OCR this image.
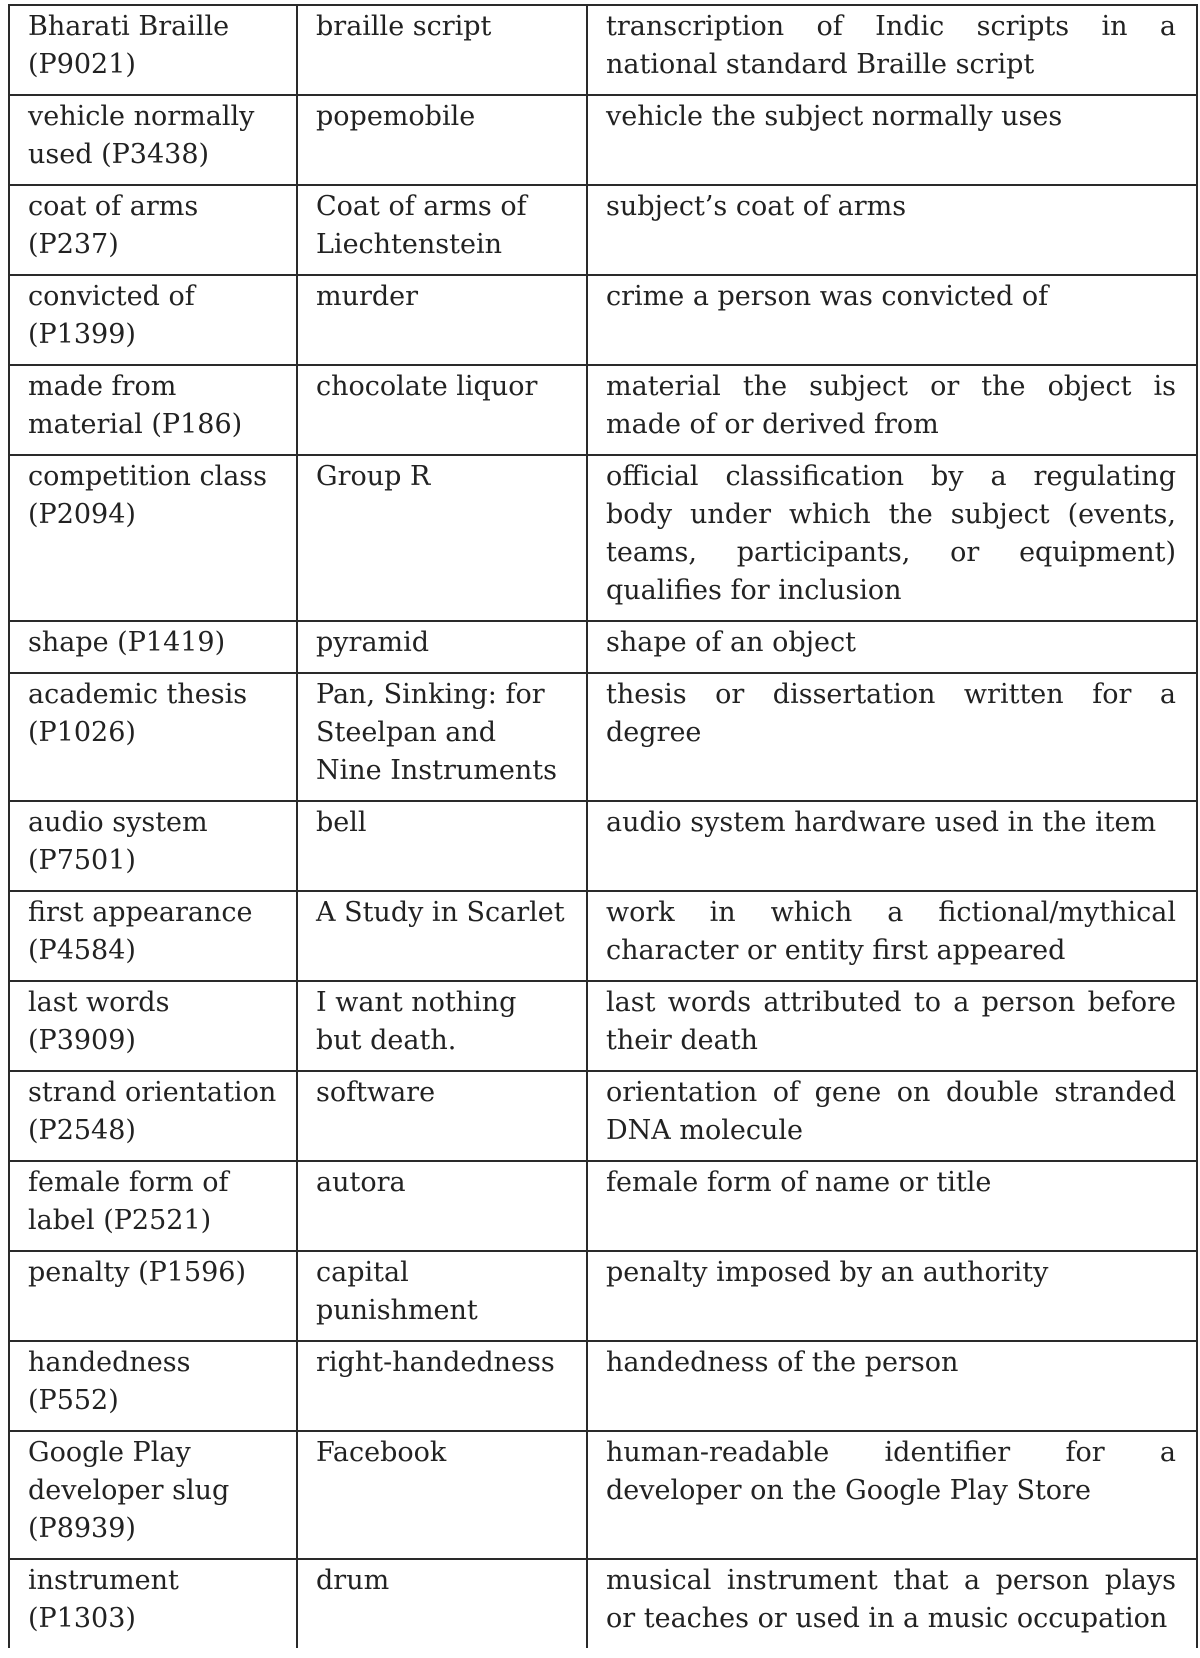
Bharati Braille (P9021)	braille script	transcription of Indic scripts in a national standard Braille script
vehicle normally used (P3438)	popemobile	vehicle the subject normally uses
coat of arms (P237)	Coat of arms of Liechtenstein	subject’s coat of arms
convicted of (P1399)	murder	crime a person was convicted of
made from material (P186)	chocolate liquor	material the subject or the object is made of or derived from
competition class (P2094)	Group R	official classification by a regulating body under which the subject (events, teams, participants, or equipment) qualifies for inclusion
shape (P1419)	pyramid	shape of an object
academic thesis (P1026)	Pan, Sinking: for Steelpan and Nine Instruments	thesis or dissertation written for a degree
audio system (P7501)	bell	audio system hardware used in the item
first appearance (P4584)	A Study in Scarlet	work in which a fictional/mythical character or entity first appeared
last words (P3909)	I want nothing but death.	last words attributed to a person before their death
strand orientation (P2548)	software	orientation of gene on double stranded DNA molecule
female form of label (P2521)	autora	female form of name or title
penalty (P1596)	capital punishment	penalty imposed by an authority
handedness (P552)	right-handedness	handedness of the person
Google Play developer slug (P8939)	Facebook	human-readable identifier for a developer on the Google Play Store
instrument (P1303)	drum	musical instrument that a person plays or teaches or used in a music occupation
